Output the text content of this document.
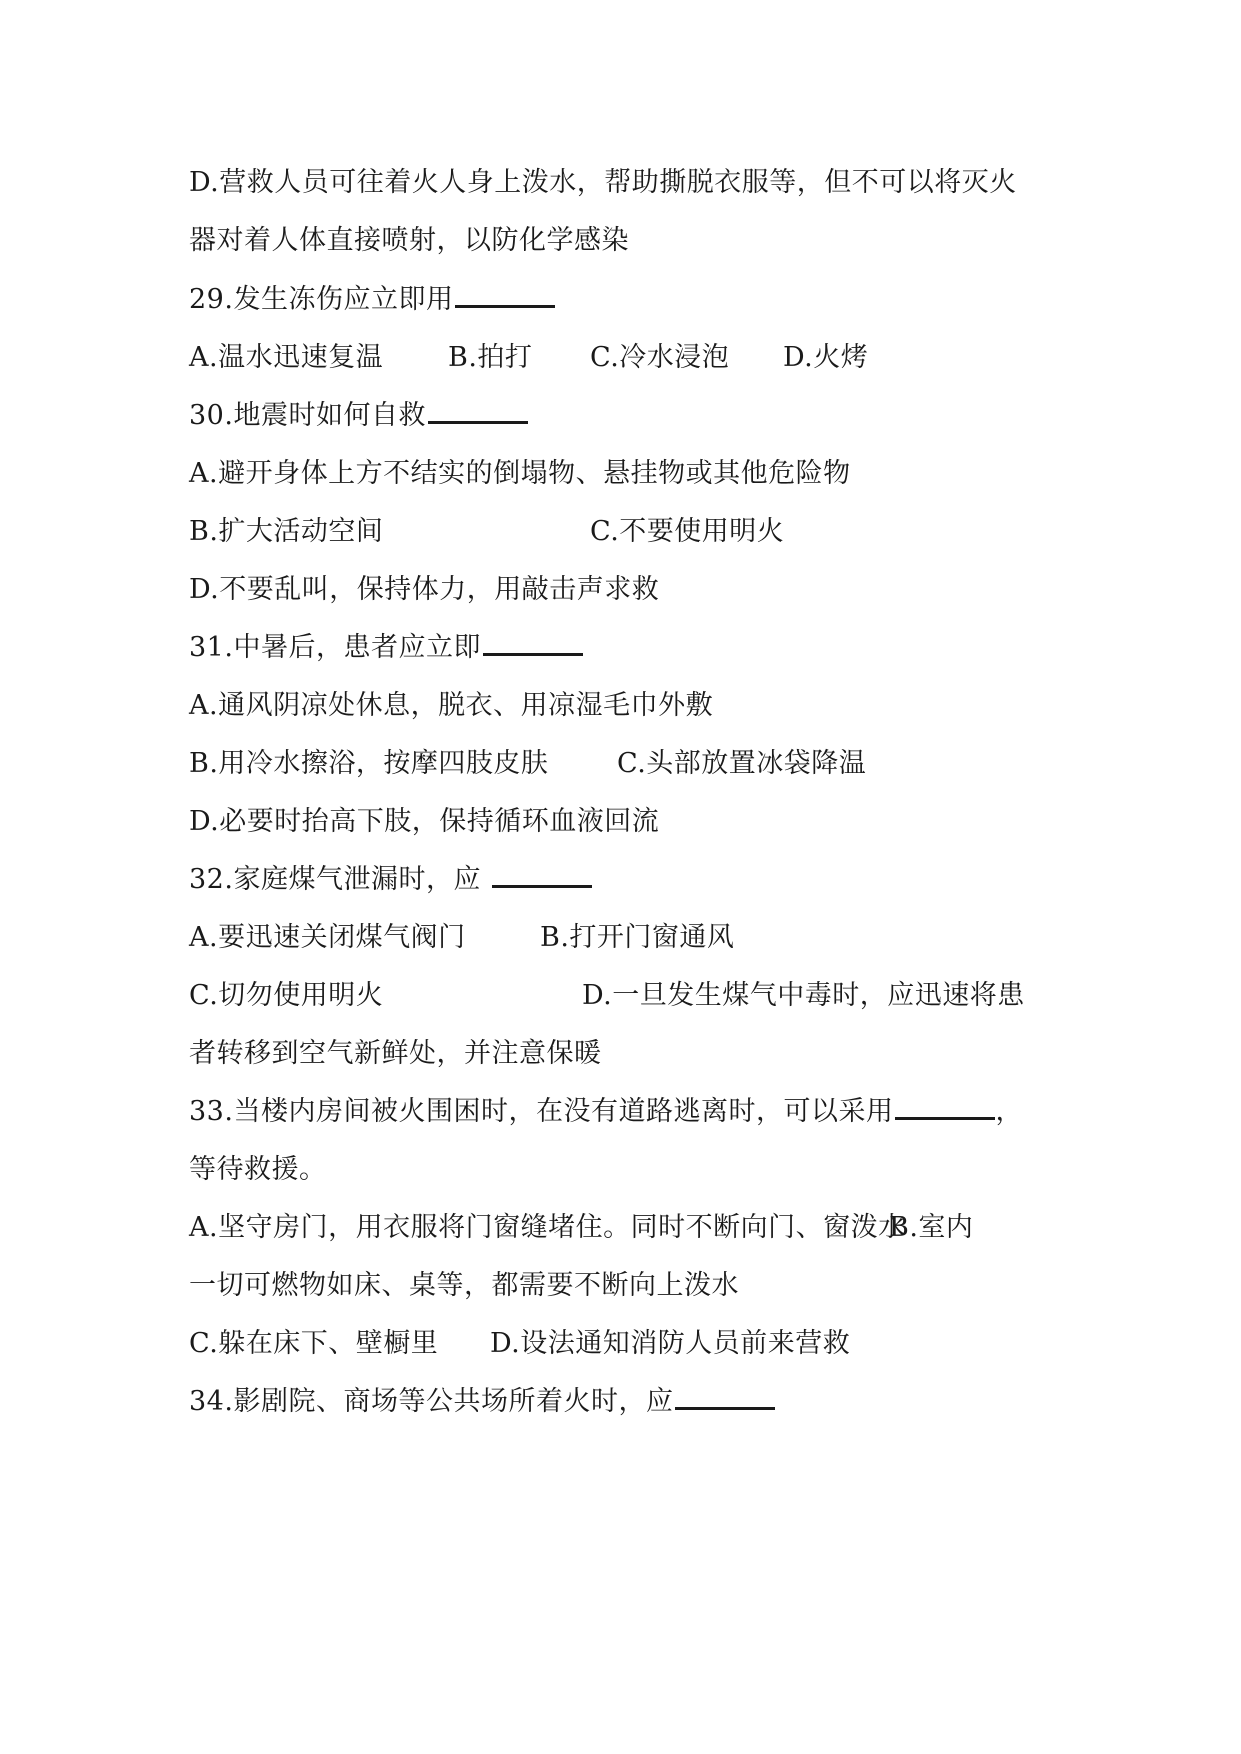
D.营救人员可往着火人身上泼水，帮助撕脱衣服等，但不可以将灭火
器对着人体直接喷射，以防化学感染
29.发生冻伤应立即用
A.温水迅速复温 B.拍打 C.冷水浸泡 D.火烤
30.地震时如何自救
A.避开身体上方不结实的倒塌物、悬挂物或其他危险物
B.扩大活动空间	C.不要使用明火
D.不要乱叫，保持体力，用敲击声求救
31.中暑后，患者应立即
A.通风阴凉处休息，脱衣、用凉湿毛巾外敷
B.用冷水擦浴，按摩四肢皮肤	C.头部放置冰袋降温
D.必要时抬高下肢，保持循环血液回流
32.家庭煤气泄漏时，应
A.要迅速关闭煤气阀门	B.打开门窗通风
C.切勿使用明火	D.一旦发生煤气中毒时，应迅速将患
者转移到空气新鲜处，并注意保暖
33.当楼内房间被火围困时，在没有道路逃离时，可以采用	，
等待救援。
A.坚守房门，用衣服将门窗缝堵住。同时不断向门、窗泼水
B.室内
一切可燃物如床、桌等，都需要不断向上泼水
C.躲在床下、壁橱里 D.设法通知消防人员前来营救
34.影剧院、商场等公共场所着火时，应
